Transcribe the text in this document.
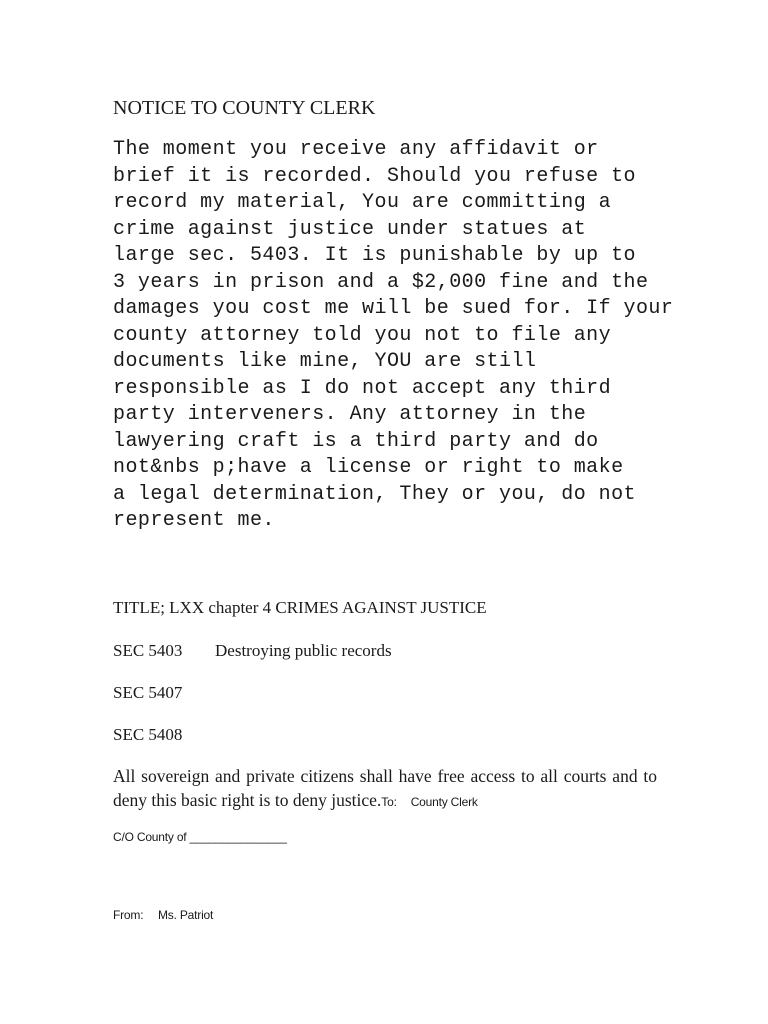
NOTICE TO COUNTY CLERK
The moment you receive any affidavit or
brief it is recorded. Should you refuse to
record my material, You are committing a
crime against justice under statues at
large sec. 5403. It is punishable by up to
3 years in prison and a $2,000 fine and the
damages you cost me will be sued for. If your
county attorney told you not to file any
documents like mine, YOU are still
responsible as I do not accept any third
party interveners. Any attorney in the
lawyering craft is a third party and do
not&nbs p;have a license or right to make
a legal determination, They or you, do not
represent me.
TITLE; LXX chapter 4 CRIMES AGAINST JUSTICE
SEC 5403 Destroying public records
SEC 5407
SEC 5408
All sovereign and private citizens shall have free access to all courts and to deny this basic right is to deny justice.To: County Clerk
C/O County of _______________
From: Ms. Patriot
